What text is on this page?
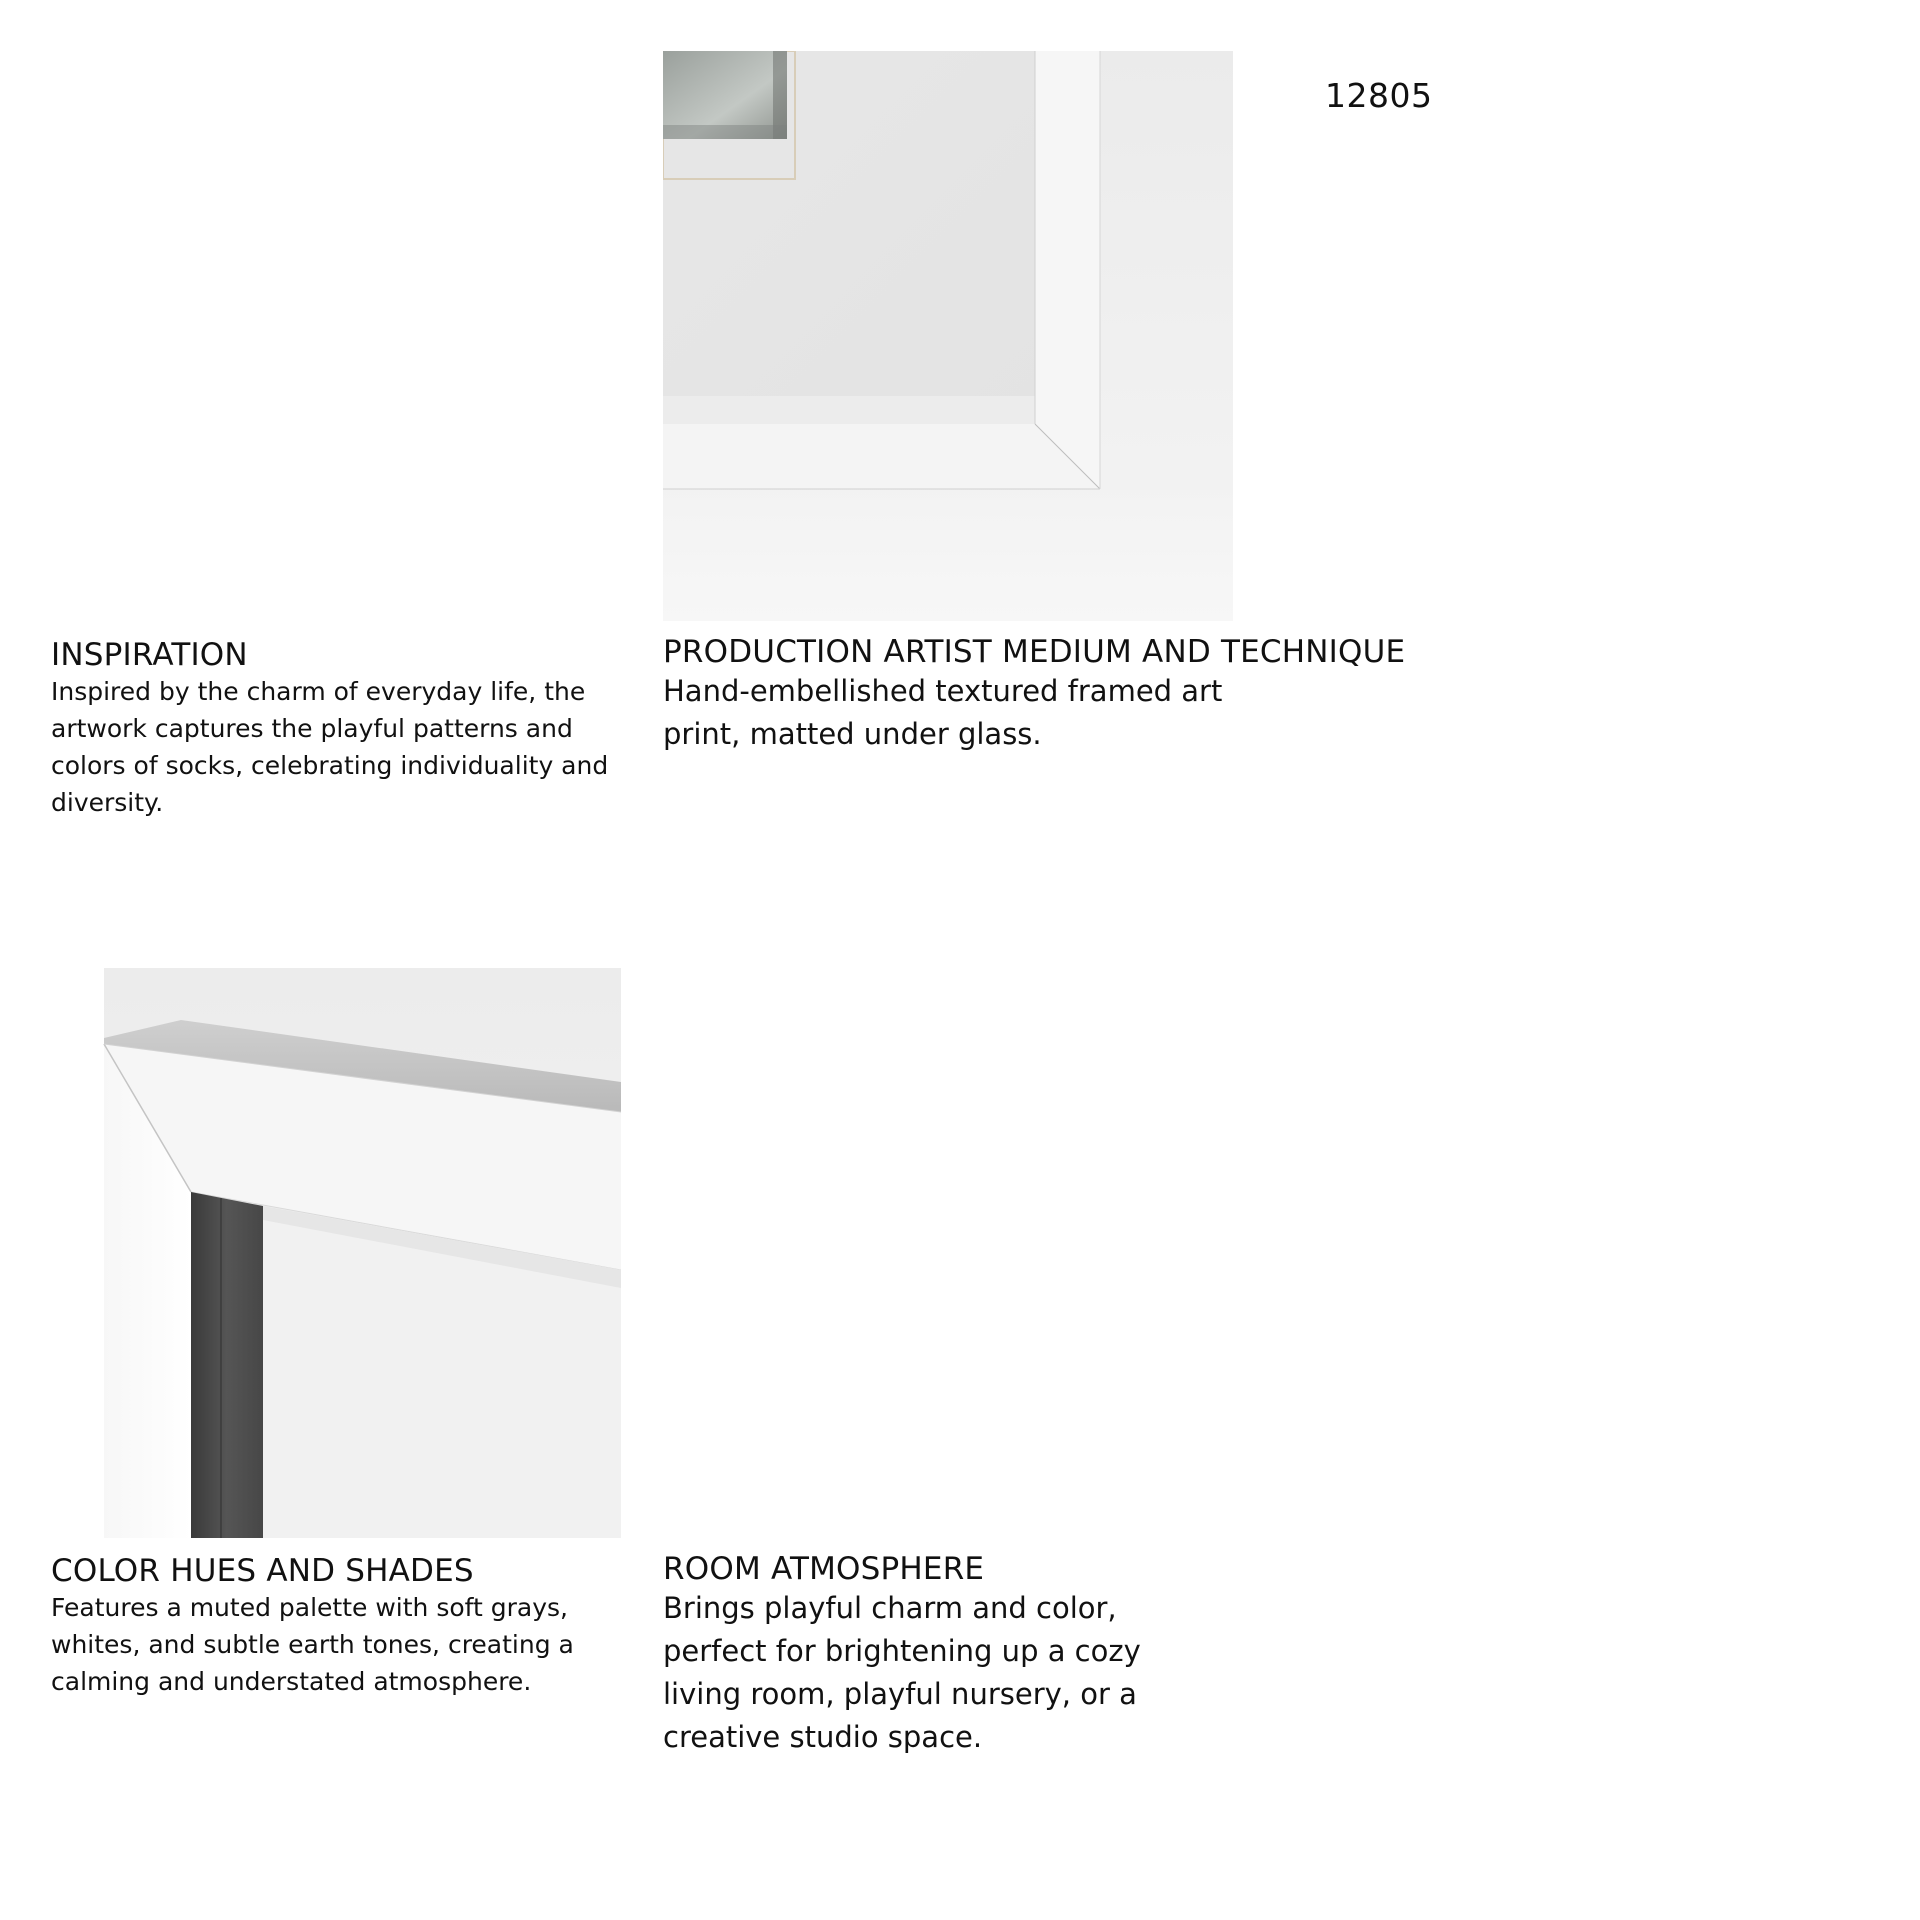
12805
INSPIRATION

Inspired by the charm of everyday life, the artwork captures the playful patterns and colors of socks, celebrating individuality and diversity.

PRODUCTION ARTIST MEDIUM AND TECHNIQUE

Hand-embellished textured framed art print, matted under glass.

COLOR HUES AND SHADES

Features a muted palette with soft grays, whites, and subtle earth tones, creating a calming and understated atmosphere.

ROOM ATMOSPHERE

Brings playful charm and color, perfect for brightening up a cozy living room, playful nursery, or a creative studio space.
